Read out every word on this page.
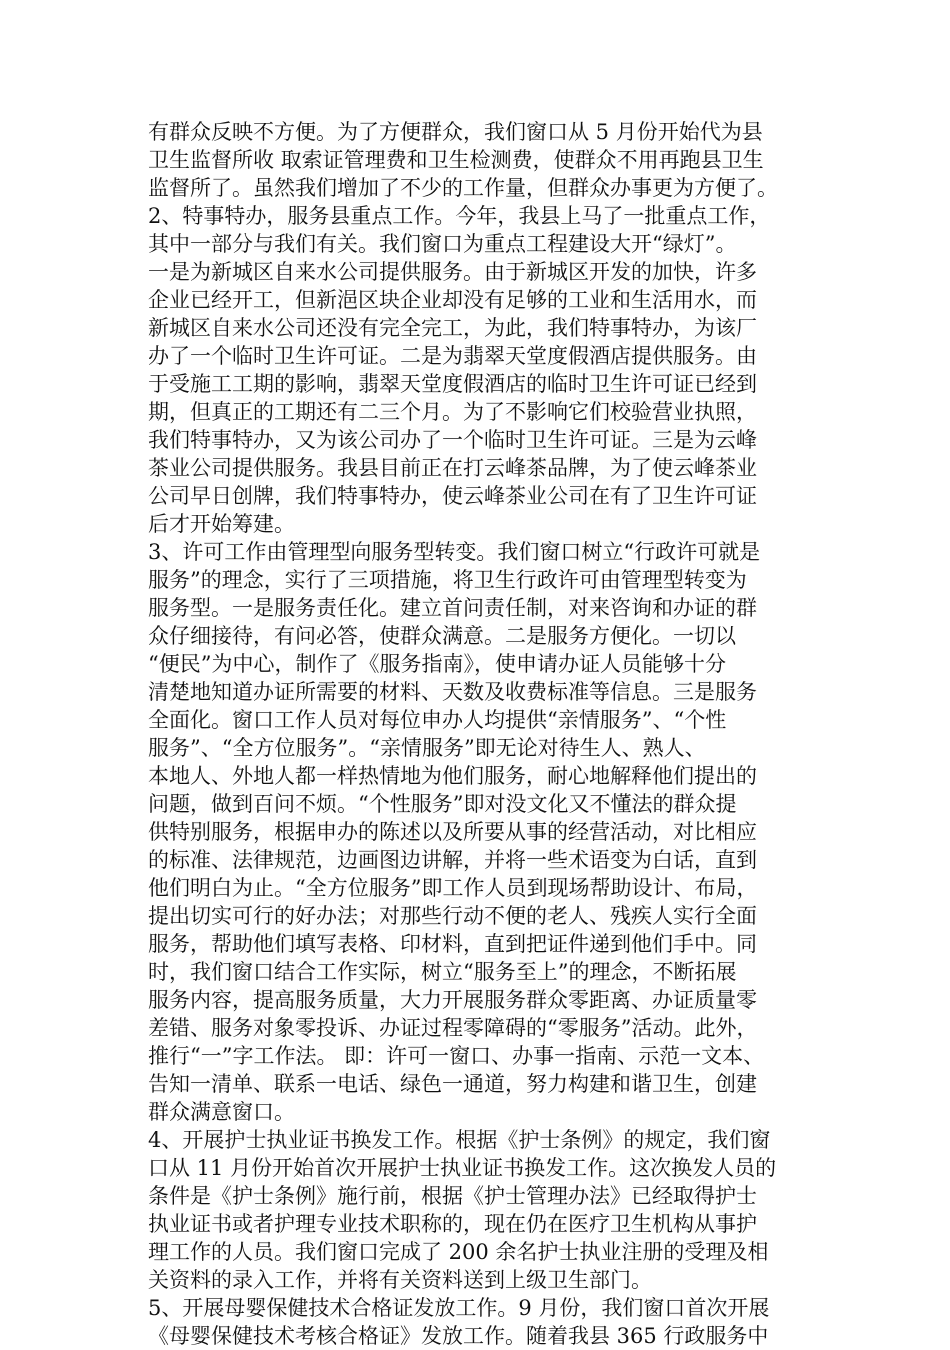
有群众反映不方便。为了方便群众，我们窗口从 5 月份开始代为县
卫生监督所收 取索证管理费和卫生检测费，使群众不用再跑县卫生
监督所了。虽然我们增加了不少的工作量，但群众办事更为方便了。
2、特事特办，服务县重点工作。今年，我县上马了一批重点工作，
其中一部分与我们有关。我们窗口为重点工程建设大开“绿灯”。
一是为新城区自来水公司提供服务。由于新城区开发的加快，许多
企业已经开工，但新浥区块企业却没有足够的工业和生活用水，而
新城区自来水公司还没有完全完工，为此，我们特事特办，为该厂
办了一个临时卫生许可证。二是为翡翠天堂度假酒店提供服务。由
于受施工工期的影响，翡翠天堂度假酒店的临时卫生许可证已经到
期，但真正的工期还有二三个月。为了不影响它们校验营业执照，
我们特事特办，又为该公司办了一个临时卫生许可证。三是为云峰
茶业公司提供服务。我县目前正在打云峰茶品牌，为了使云峰茶业
公司早日创牌，我们特事特办，使云峰茶业公司在有了卫生许可证
后才开始筹建。
3、许可工作由管理型向服务型转变。我们窗口树立“行政许可就是
服务”的理念，实行了三项措施，将卫生行政许可由管理型转变为
服务型。一是服务责任化。建立首问责任制，对来咨询和办证的群
众仔细接待，有问必答，使群众满意。二是服务方便化。一切以
“便民”为中心，制作了《服务指南》，使申请办证人员能够十分
清楚地知道办证所需要的材料、天数及收费标准等信息。三是服务
全面化。窗口工作人员对每位申办人均提供“亲情服务”、“个性
服务”、“全方位服务”。“亲情服务”即无论对待生人、熟人、
本地人、外地人都一样热情地为他们服务，耐心地解释他们提出的
问题，做到百问不烦。“个性服务”即对没文化又不懂法的群众提
供特别服务，根据申办的陈述以及所要从事的经营活动，对比相应
的标准、法律规范，边画图边讲解，并将一些术语变为白话，直到
他们明白为止。“全方位服务”即工作人员到现场帮助设计、布局，
提出切实可行的好办法；对那些行动不便的老人、残疾人实行全面
服务，帮助他们填写表格、印材料，直到把证件递到他们手中。同
时，我们窗口结合工作实际，树立“服务至上”的理念，不断拓展
服务内容，提高服务质量，大力开展服务群众零距离、办证质量零
差错、服务对象零投诉、办证过程零障碍的“零服务”活动。此外，
推行“一”字工作法。 即：许可一窗口、办事一指南、示范一文本、
告知一清单、联系一电话、绿色一通道，努力构建和谐卫生，创建
群众满意窗口。
4、开展护士执业证书换发工作。根据《护士条例》的规定，我们窗
口从 11 月份开始首次开展护士执业证书换发工作。这次换发人员的
条件是《护士条例》施行前，根据《护士管理办法》已经取得护士
执业证书或者护理专业技术职称的，现在仍在医疗卫生机构从事护
理工作的人员。我们窗口完成了 200 余名护士执业注册的受理及相
关资料的录入工作，并将有关资料送到上级卫生部门。
5、开展母婴保健技术合格证发放工作。9 月份，我们窗口首次开展
《母婴保健技术考核合格证》发放工作。随着我县 365 行政服务中
